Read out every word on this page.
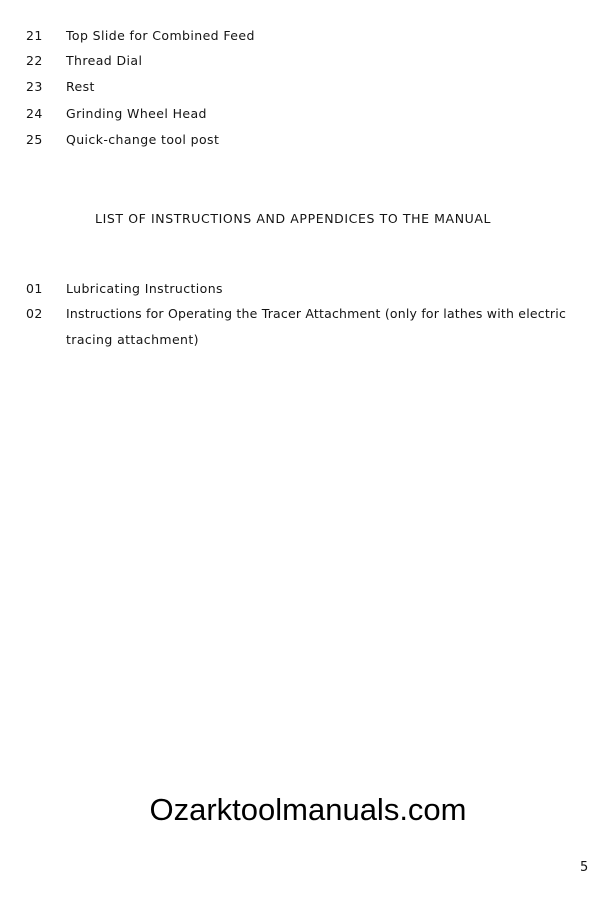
21 Top Slide for Combined Feed
22 Thread Dial
23 Rest
24 Grinding Wheel Head
25 Quick-change tool post
LIST OF INSTRUCTIONS AND APPENDICES TO THE MANUAL
01 Lubricating Instructions
02 Instructions for Operating the Tracer Attachment (only for lathes with electric
tracing attachment)
Ozarktoolmanuals.com
5
